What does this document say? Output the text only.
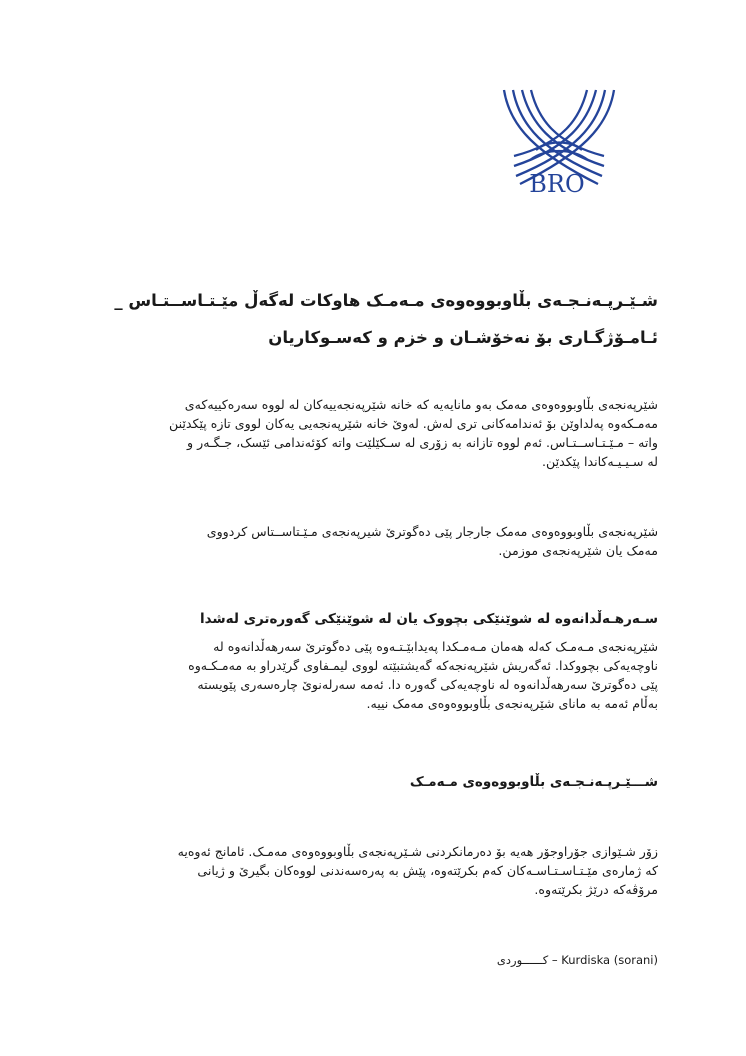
BRO
شـێـرپـەنـجـەی بڵاوبووەوەی مـەمـک هاوکات لەگەڵ مێـتـاســتـاس _
ئـامـۆژگـاری بۆ نەخۆشـان و خزم و کەسـوکاریان
شێرپەنجەی بڵاوبووەوەی مەمک بەو مانایەیە کە خانە شێرپەنجەییەکان لە لووە سەرەکییەکەی
مەمـکەوە پەلداوێن بۆ ئەندامەکانی تری لەش. لەوێ خانە شێرپەنجەیی یەکان لووی تازە پێکدێنن
واتە – مـێـتـاســتـاس. ئەم لووە تازانە بە زۆری لە سـکێلێت واتە کۆئەندامی ئێسک، جـگـەر و
لە سـیـیـەکاندا پێکدێن.
شێرپەنجەی بڵاوبووەوەی مەمک جارجار پێی دەگوترێ شیرپەنجەی مـێـتاســتاس کردووی
مەمک یان شێرپەنجەی موزمن.
سـەرهـەڵدانەوە لە شوێنێکی بچووک یان لە شوێنێکی گەورەتری لەشدا
شێرپەنجەی مـەمـک کەلە هەمان مـەمـکدا پەیدابێـتـەوە پێی دەگوترێ سەرهەڵدانەوە لە
ناوچەیەکی بچووکدا. ئەگەریش شێرپەنجەکە گەیشتبێتە لووی لیمـفاوی گرێدراو بە مەمـکـەوە
پێی دەگوترێ سەرهەڵدانەوە لە ناوچەیەکی گەورە دا. ئەمە سەرلەنوێ چارەسەری پێویستە
بەڵام ئەمە بە مانای شێرپەنجەی بڵاوبووەوەی مەمک نییە.
شـــێـرپـەنـجـەی بڵاوبووەوەی مـەمـک
زۆر شـێوازی جۆراوجۆر هەیە بۆ دەرمانکردنی شـێرپەنجەی بڵاوبووەوەی مەمـک. ئامانج ئەوەیە
کە ژمارەی مێـتـاسـتـاسـەکان کەم بکرێتەوە، پێش بە پەرەسەندنی لووەکان بگیرێ و ژیانی
مرۆڤەکە درێژ بکرێتەوە.
کــــــوردی – Kurdiska (sorani)
